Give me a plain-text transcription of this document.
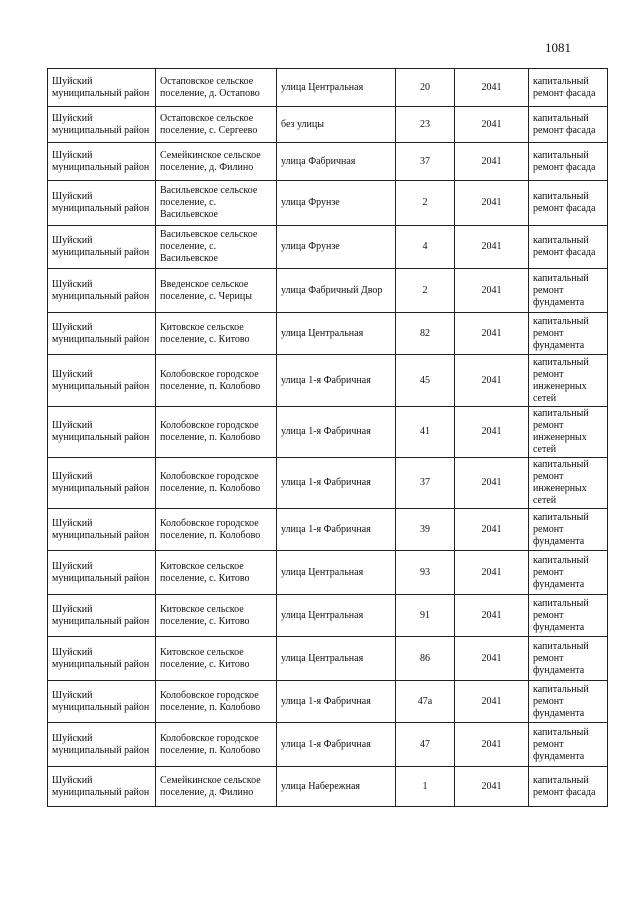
1081
Шуйский муниципальный район	Остаповское сельское поселение, д. Остапово	улица Центральная	20	2041	капитальный ремонт фасада
Шуйский муниципальный район	Остаповское сельское поселение, с. Сергеево	без улицы	23	2041	капитальный ремонт фасада
Шуйский муниципальный район	Семейкинское сельское поселение, д. Филино	улица Фабричная	37	2041	капитальный ремонт фасада
Шуйский муниципальный район	Васильевское сельское поселение, с. Васильевское	улица Фрунзе	2	2041	капитальный ремонт фасада
Шуйский муниципальный район	Васильевское сельское поселение, с. Васильевское	улица Фрунзе	4	2041	капитальный ремонт фасада
Шуйский муниципальный район	Введенское сельское поселение, с. Черицы	улица Фабричный Двор	2	2041	капитальный ремонт фундамента
Шуйский муниципальный район	Китовское сельское поселение, с. Китово	улица Центральная	82	2041	капитальный ремонт фундамента
Шуйский муниципальный район	Колобовское городское поселение, п. Колобово	улица 1-я Фабричная	45	2041	капитальный ремонт инженерных сетей
Шуйский муниципальный район	Колобовское городское поселение, п. Колобово	улица 1-я Фабричная	41	2041	капитальный ремонт инженерных сетей
Шуйский муниципальный район	Колобовское городское поселение, п. Колобово	улица 1-я Фабричная	37	2041	капитальный ремонт инженерных сетей
Шуйский муниципальный район	Колобовское городское поселение, п. Колобово	улица 1-я Фабричная	39	2041	капитальный ремонт фундамента
Шуйский муниципальный район	Китовское сельское поселение, с. Китово	улица Центральная	93	2041	капитальный ремонт фундамента
Шуйский муниципальный район	Китовское сельское поселение, с. Китово	улица Центральная	91	2041	капитальный ремонт фундамента
Шуйский муниципальный район	Китовское сельское поселение, с. Китово	улица Центральная	86	2041	капитальный ремонт фундамента
Шуйский муниципальный район	Колобовское городское поселение, п. Колобово	улица 1-я Фабричная	47а	2041	капитальный ремонт фундамента
Шуйский муниципальный район	Колобовское городское поселение, п. Колобово	улица 1-я Фабричная	47	2041	капитальный ремонт фундамента
Шуйский муниципальный район	Семейкинское сельское поселение, д. Филино	улица Набережная	1	2041	капитальный ремонт фасада
